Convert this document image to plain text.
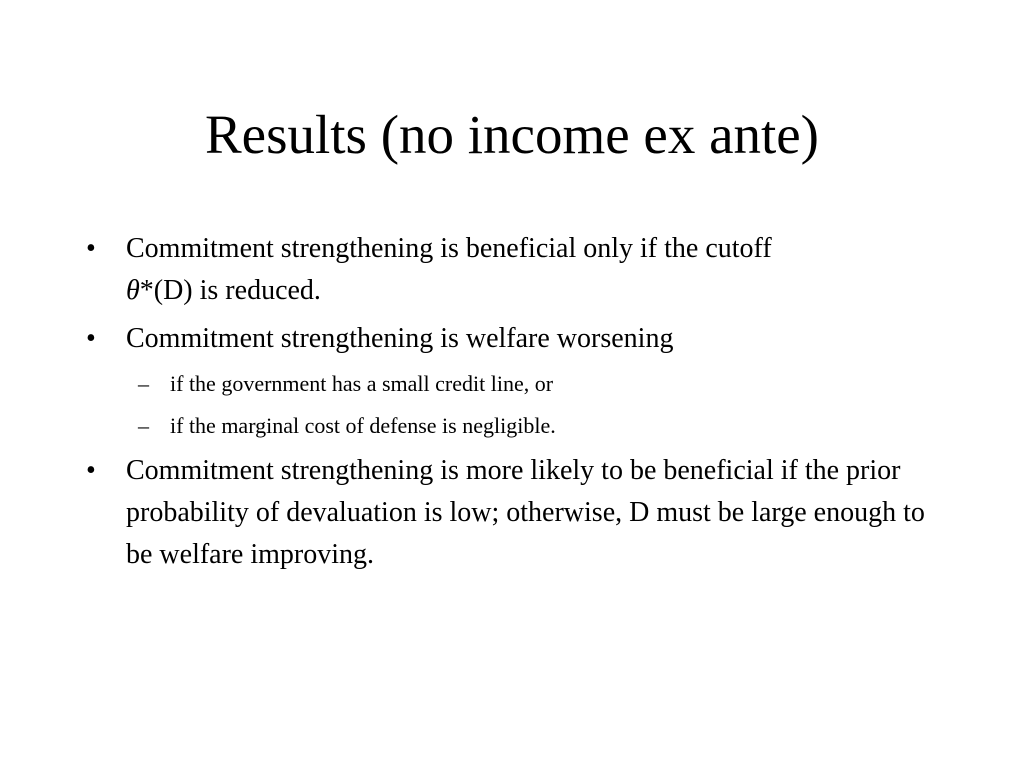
Results (no income ex ante)
•	Commitment strengthening is beneficial only if the cutoff
θ*(D) is reduced.
•	Commitment strengthening is welfare worsening
– if the government has a small credit line, or
– if the marginal cost of defense is negligible.
•	Commitment strengthening is more likely to be beneficial if the prior probability of devaluation is low; otherwise, D must be large enough to be welfare improving.
